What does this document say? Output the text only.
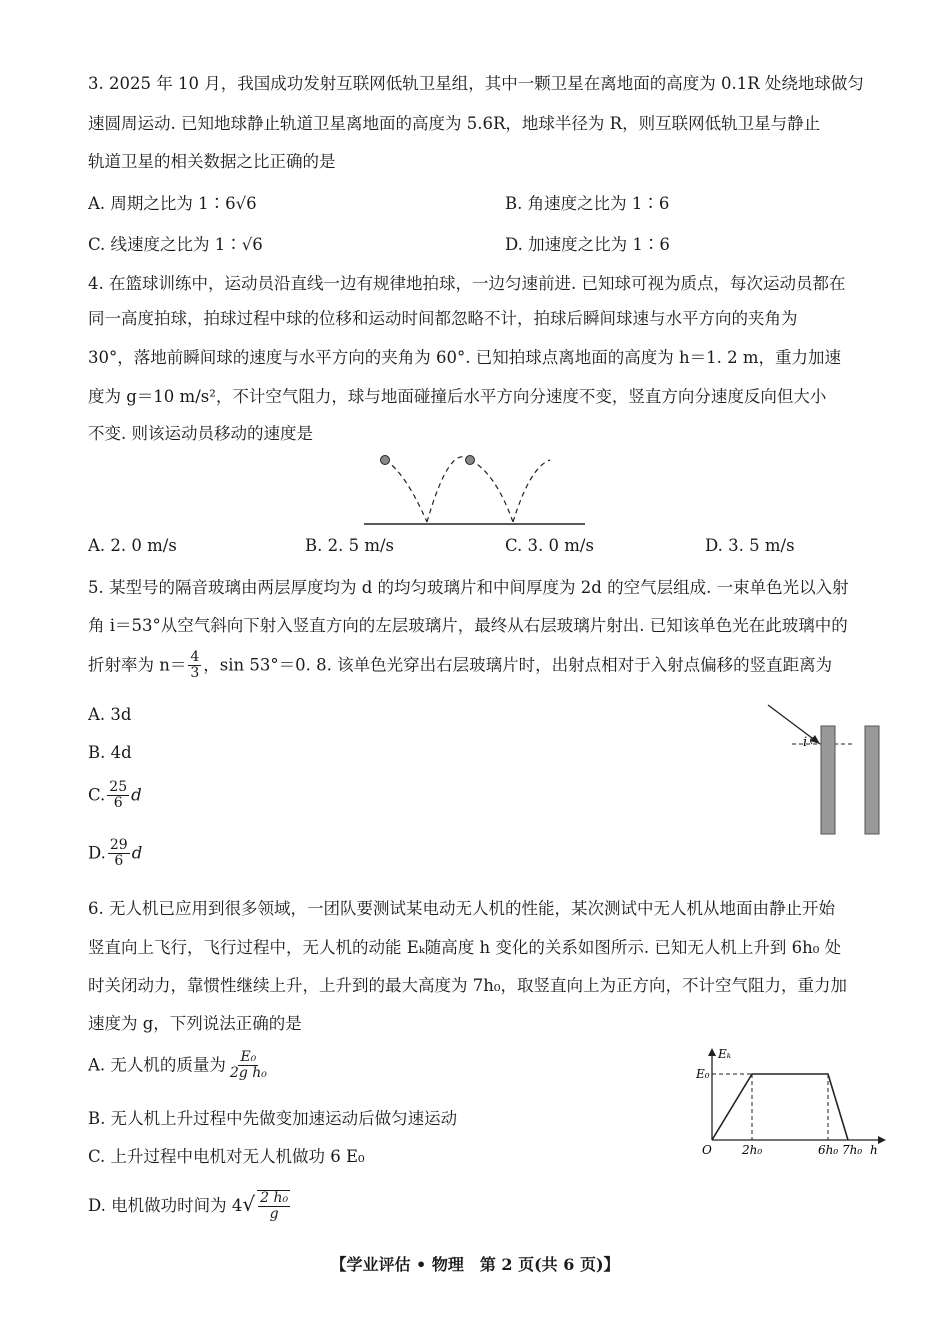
3. 2025 年 10 月，我国成功发射互联网低轨卫星组，其中一颗卫星在离地面的高度为 0.1R 处绕地球做匀
速圆周运动. 已知地球静止轨道卫星离地面的高度为 5.6R，地球半径为 R，则互联网低轨卫星与静止
轨道卫星的相关数据之比正确的是
A. 周期之比为 1∶6√6	B. 角速度之比为 1∶6
C. 线速度之比为 1∶√6	D. 加速度之比为 1∶6
4. 在篮球训练中，运动员沿直线一边有规律地拍球，一边匀速前进. 已知球可视为质点，每次运动员都在
同一高度拍球，拍球过程中球的位移和运动时间都忽略不计，拍球后瞬间球速与水平方向的夹角为
30°，落地前瞬间球的速度与水平方向的夹角为 60°. 已知拍球点离地面的高度为 h＝1. 2 m，重力加速
度为 g＝10 m/s²，不计空气阻力，球与地面碰撞后水平方向分速度不变，竖直方向分速度反向但大小
不变. 则该运动员移动的速度是
A. 2. 0 m/s	B. 2. 5 m/s	C. 3. 0 m/s	D. 3. 5 m/s
5. 某型号的隔音玻璃由两层厚度均为 d 的均匀玻璃片和中间厚度为 2d 的空气层组成. 一束单色光以入射
角 i＝53°从空气斜向下射入竖直方向的左层玻璃片，最终从右层玻璃片射出. 已知该单色光在此玻璃中的
折射率为 $n= \frac{4}{3}$ ，sin 53°＝0. 8. 该单色光穿出右层玻璃片时，出射点相对于入射点偏移的竖直距离为
A. 3d
B. 4d
C. $\frac{25}{6}$ d
D. $\frac{29}{6}$ d
i
6. 无人机已应用到很多领域，一团队要测试某电动无人机的性能，某次测试中无人机从地面由静止开始
竖直向上飞行，飞行过程中，无人机的动能 Eₖ随高度 h 变化的关系如图所示. 已知无人机上升到 6h₀ 处
时关闭动力，靠惯性继续上升，上升到的最大高度为 7h₀，取竖直向上为正方向，不计空气阻力，重力加
速度为 g，下列说法正确的是
A. 无人机的质量为 $\frac{\text{E₀}}{\text{2g h₀}}$
B. 无人机上升过程中先做变加速运动后做匀速运动
C. 上升过程中电机对无人机做功 6 E₀
D. 电机做功时间为 $4√ \frac{\text{2 h₀}}{g}$
Eₖ
E₀
O	2h₀	6h₀ 7h₀ h
【学业评估 • 物理　第 2 页(共 6 页)】
